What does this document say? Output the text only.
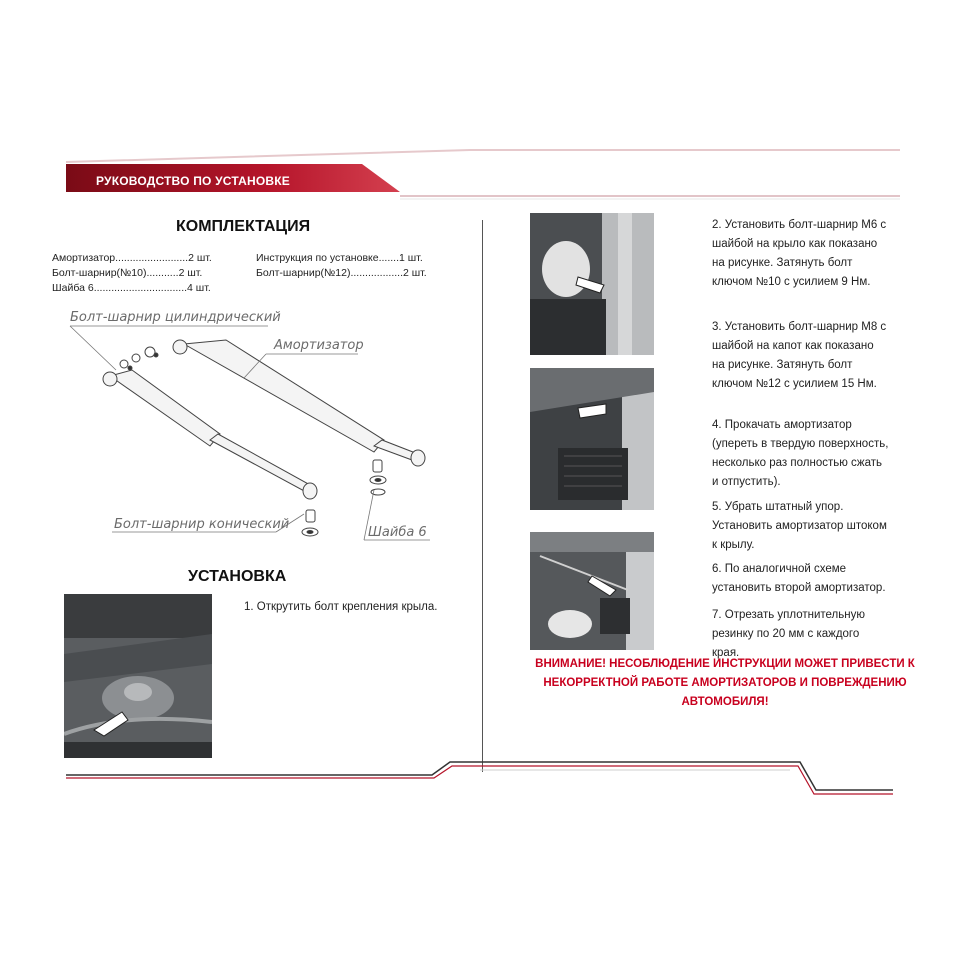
РУКОВОДСТВО ПО УСТАНОВКЕ
КОМПЛЕКТАЦИЯ
Амортизатор.........................2 шт.
Болт-шарнир(№10)...........2 шт.
Шайба 6................................4 шт.
Инструкция по установке.......1 шт.
Болт-шарнир(№12)..................2 шт.
Болт-шарнир цилиндрический
Амортизатор
Болт-шарнир конический
Шайба 6
УСТАНОВКА
1. Открутить болт крепления крыла.
2. Установить болт-шарнир М6 с
шайбой на крыло как показано
на рисунке. Затянуть болт
ключом №10 с усилием 9 Нм.
3. Установить болт-шарнир М8 с
шайбой на капот как показано
на рисунке. Затянуть болт
ключом №12 с усилием 15 Нм.
4. Прокачать амортизатор
(упереть в твердую поверхность,
несколько раз полностью сжать
и отпустить).
5. Убрать штатный упор.
Установить амортизатор штоком
к крылу.
6. По аналогичной схеме
установить второй амортизатор.
7. Отрезать уплотнительную
резинку по 20 мм с каждого
края.
ВНИМАНИЕ! НЕСОБЛЮДЕНИЕ ИНСТРУКЦИИ МОЖЕТ ПРИВЕСТИ К
НЕКОРРЕКТНОЙ РАБОТЕ АМОРТИЗАТОРОВ И ПОВРЕЖДЕНИЮ
АВТОМОБИЛЯ!
